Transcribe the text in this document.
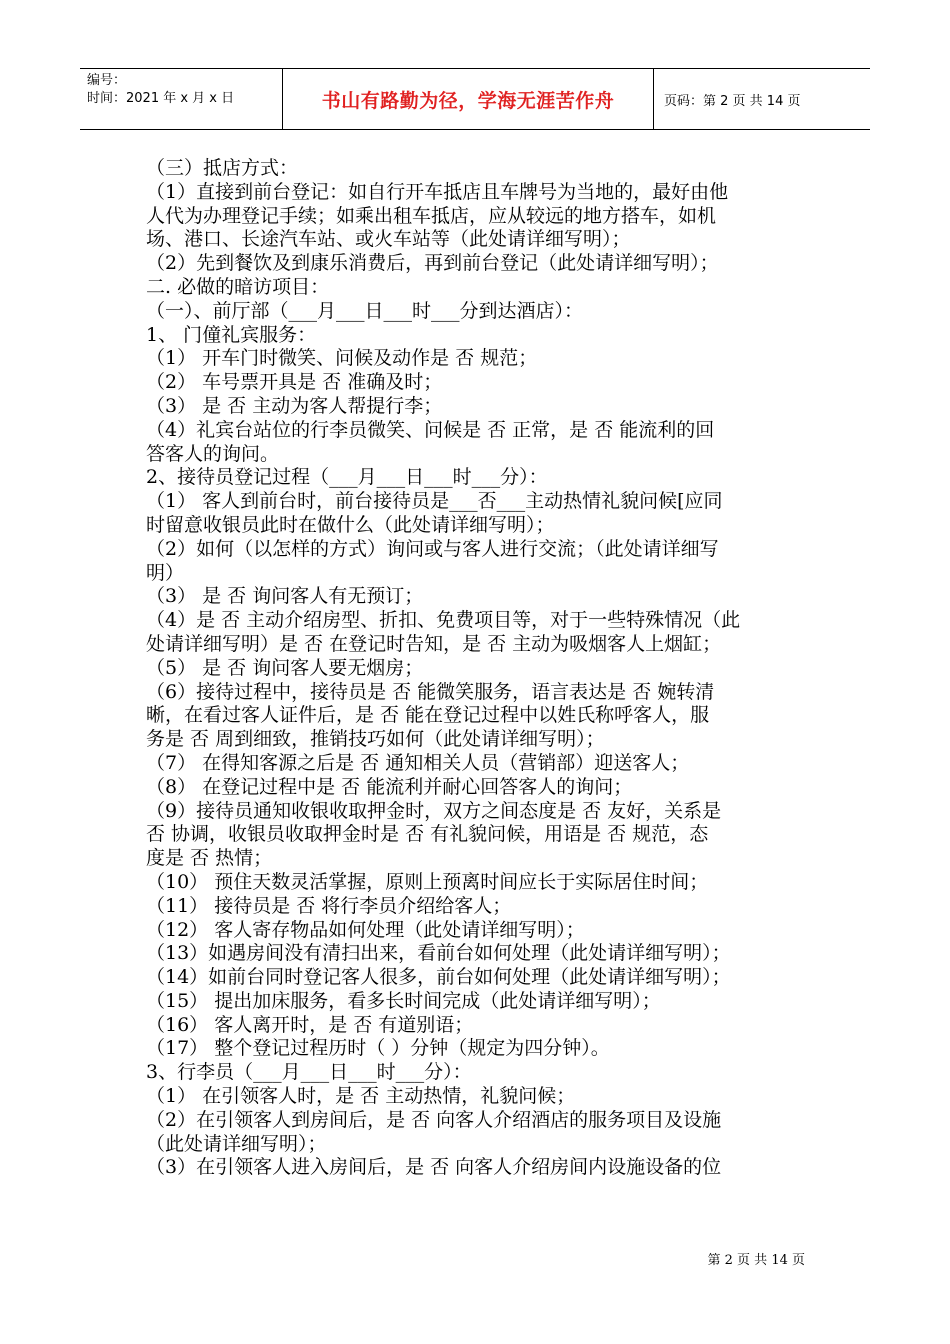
编号：
时间：2021 年 x 月 x 日	书山有路勤为径，学海无涯苦作舟	页码：第 2 页 共 14 页
（三）抵店方式：
（1）直接到前台登记：如自行开车抵店且车牌号为当地的，最好由他
人代为办理登记手续；如乘出租车抵店，应从较远的地方搭车，如机
场、港口、长途汽车站、或火车站等（此处请详细写明）；
（2）先到餐饮及到康乐消费后，再到前台登记（此处请详细写明）；
二. 必做的暗访项目：
（一）、前厅部（___月___日___时___分到达酒店）：
1、 门僮礼宾服务：
（1） 开车门时微笑、问候及动作是 否 规范；
（2） 车号票开具是 否 准确及时；
（3） 是 否 主动为客人帮提行李；
（4）礼宾台站位的行李员微笑、问候是 否 正常，是 否 能流利的回
答客人的询问。
2、接待员登记过程（___月___日___时___分）：
（1） 客人到前台时，前台接待员是___否___主动热情礼貌问候[应同
时留意收银员此时在做什么（此处请详细写明）；
（2）如何（以怎样的方式）询问或与客人进行交流；（此处请详细写
明）
（3） 是 否 询问客人有无预订；
（4）是 否 主动介绍房型、折扣、免费项目等，对于一些特殊情况（此
处请详细写明）是 否 在登记时告知，是 否 主动为吸烟客人上烟缸；
（5） 是 否 询问客人要无烟房；
（6）接待过程中，接待员是 否 能微笑服务，语言表达是 否 婉转清
晰，在看过客人证件后，是 否 能在登记过程中以姓氏称呼客人，服
务是 否 周到细致，推销技巧如何（此处请详细写明）；
（7） 在得知客源之后是 否 通知相关人员（营销部）迎送客人；
（8） 在登记过程中是 否 能流利并耐心回答客人的询问；
（9）接待员通知收银收取押金时，双方之间态度是 否 友好，关系是
否 协调，收银员收取押金时是 否 有礼貌问候，用语是 否 规范，态
度是 否 热情；
（10） 预住天数灵活掌握，原则上预离时间应长于实际居住时间；
（11） 接待员是 否 将行李员介绍给客人；
（12） 客人寄存物品如何处理（此处请详细写明）；
（13）如遇房间没有清扫出来，看前台如何处理（此处请详细写明）；
（14）如前台同时登记客人很多，前台如何处理（此处请详细写明）；
（15） 提出加床服务，看多长时间完成（此处请详细写明）；
（16） 客人离开时，是 否 有道别语；
（17） 整个登记过程历时（ ）分钟（规定为四分钟）。
3、行李员（___月___日___时___分）：
（1） 在引领客人时，是 否 主动热情，礼貌问候；
（2）在引领客人到房间后，是 否 向客人介绍酒店的服务项目及设施
（此处请详细写明）；
（3）在引领客人进入房间后，是 否 向客人介绍房间内设施设备的位
第 2 页 共 14 页
